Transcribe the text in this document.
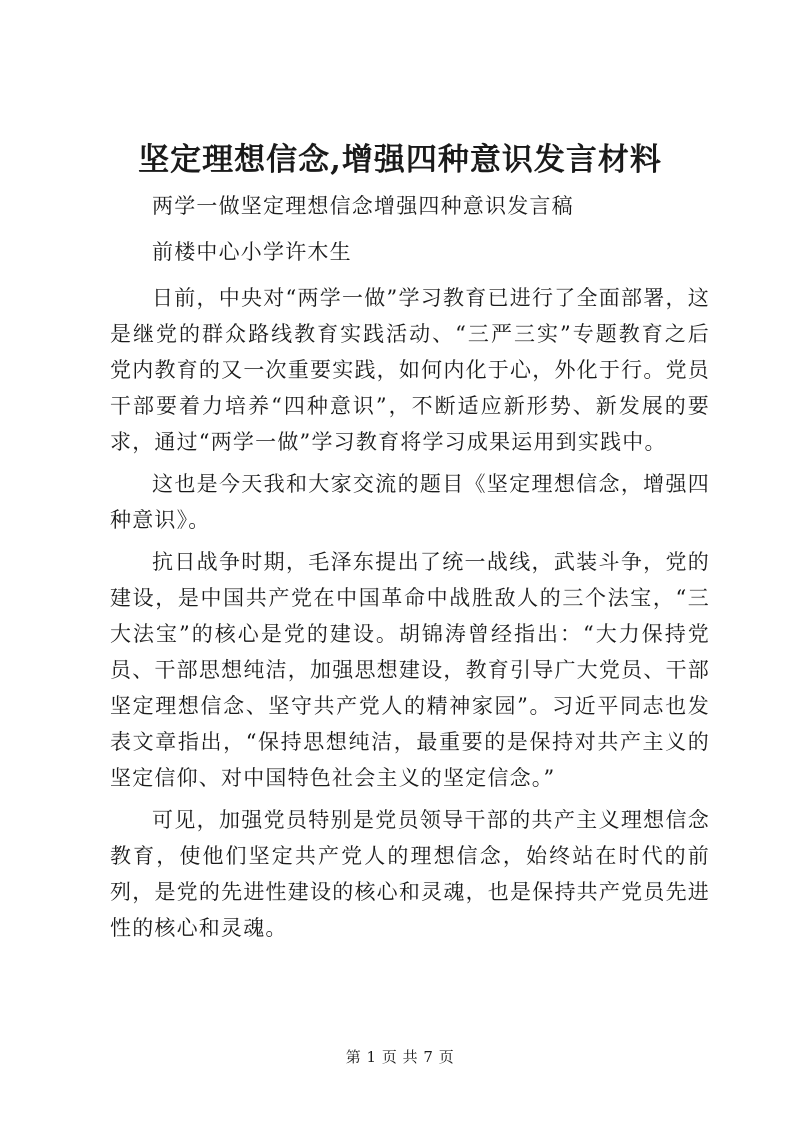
坚定理想信念,增强四种意识发言材料

两学一做坚定理想信念增强四种意识发言稿

前楼中心小学许木生

日前，中央对“两学一做”学习教育已进行了全面部署，这是继党的群众路线教育实践活动、“三严三实”专题教育之后党内教育的又一次重要实践，如何内化于心，外化于行。党员干部要着力培养“四种意识”，不断适应新形势、新发展的要求，通过“两学一做”学习教育将学习成果运用到实践中。

这也是今天我和大家交流的题目《坚定理想信念，增强四种意识》。

抗日战争时期，毛泽东提出了统一战线，武装斗争，党的建设，是中国共产党在中国革命中战胜敌人的三个法宝，“三大法宝”的核心是党的建设。胡锦涛曾经指出：“大力保持党员、干部思想纯洁，加强思想建设，教育引导广大党员、干部坚定理想信念、坚守共产党人的精神家园”。习近平同志也发表文章指出，“保持思想纯洁，最重要的是保持对共产主义的坚定信仰、对中国特色社会主义的坚定信念。”

可见，加强党员特别是党员领导干部的共产主义理想信念教育，使他们坚定共产党人的理想信念，始终站在时代的前列，是党的先进性建设的核心和灵魂，也是保持共产党员先进性的核心和灵魂。

第 1 页 共 7 页
